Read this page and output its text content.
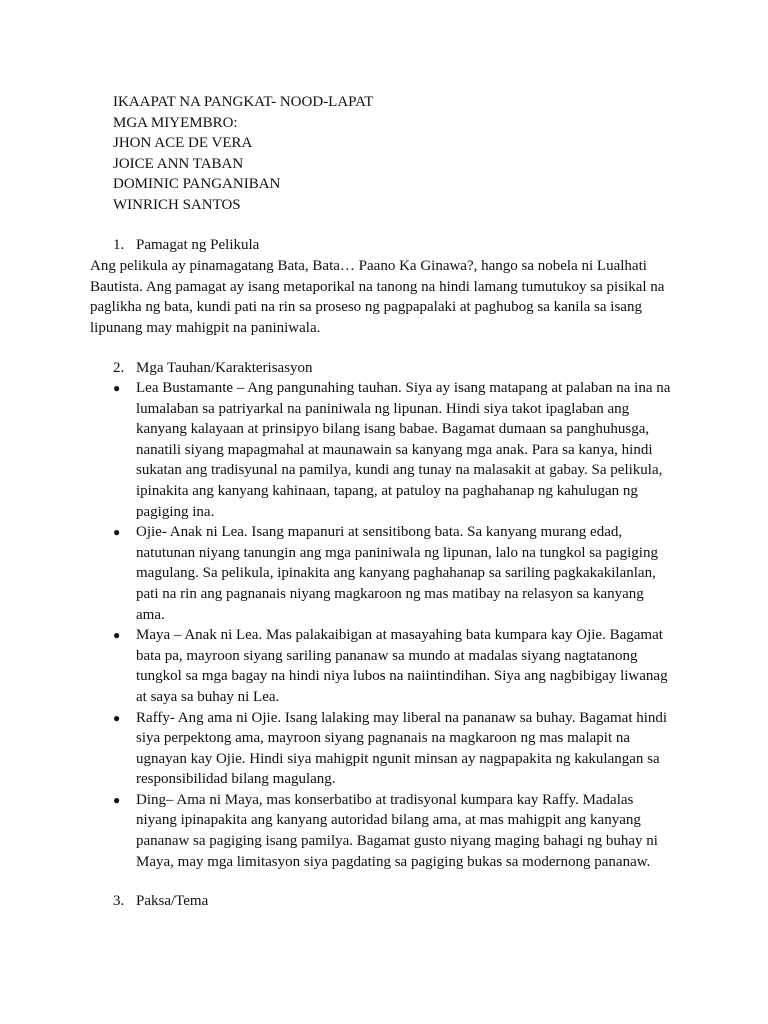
IKAAPAT NA PANGKAT- NOOD-LAPAT
MGA MIYEMBRO:
JHON ACE DE VERA
JOICE ANN TABAN
DOMINIC PANGANIBAN
WINRICH SANTOS
1. Pamagat ng Pelikula
Ang pelikula ay pinamagatang Bata, Bata… Paano Ka Ginawa?, hango sa nobela ni Lualhati
Bautista. Ang pamagat ay isang metaporikal na tanong na hindi lamang tumutukoy sa pisikal na
paglikha ng bata, kundi pati na rin sa proseso ng pagpapalaki at paghubog sa kanila sa isang
lipunang may mahigpit na paniniwala.
2. Mga Tauhan/Karakterisasyon
●	Lea Bustamante – Ang pangunahing tauhan. Siya ay isang matapang at palaban na ina na
lumalaban sa patriyarkal na paniniwala ng lipunan. Hindi siya takot ipaglaban ang
kanyang kalayaan at prinsipyo bilang isang babae. Bagamat dumaan sa panghuhusga,
nanatili siyang mapagmahal at maunawain sa kanyang mga anak. Para sa kanya, hindi
sukatan ang tradisyunal na pamilya, kundi ang tunay na malasakit at gabay. Sa pelikula,
ipinakita ang kanyang kahinaan, tapang, at patuloy na paghahanap ng kahulugan ng
pagiging ina.
●	Ojie- Anak ni Lea. Isang mapanuri at sensitibong bata. Sa kanyang murang edad,
natutunan niyang tanungin ang mga paniniwala ng lipunan, lalo na tungkol sa pagiging
magulang. Sa pelikula, ipinakita ang kanyang paghahanap sa sariling pagkakakilanlan,
pati na rin ang pagnanais niyang magkaroon ng mas matibay na relasyon sa kanyang
ama.
●	Maya – Anak ni Lea. Mas palakaibigan at masayahing bata kumpara kay Ojie. Bagamat
bata pa, mayroon siyang sariling pananaw sa mundo at madalas siyang nagtatanong
tungkol sa mga bagay na hindi niya lubos na naiintindihan. Siya ang nagbibigay liwanag
at saya sa buhay ni Lea.
●	Raffy- Ang ama ni Ojie. Isang lalaking may liberal na pananaw sa buhay. Bagamat hindi
siya perpektong ama, mayroon siyang pagnanais na magkaroon ng mas malapit na
ugnayan kay Ojie. Hindi siya mahigpit ngunit minsan ay nagpapakita ng kakulangan sa
responsibilidad bilang magulang.
●	Ding– Ama ni Maya, mas konserbatibo at tradisyonal kumpara kay Raffy. Madalas
niyang ipinapakita ang kanyang autoridad bilang ama, at mas mahigpit ang kanyang
pananaw sa pagiging isang pamilya. Bagamat gusto niyang maging bahagi ng buhay ni
Maya, may mga limitasyon siya pagdating sa pagiging bukas sa modernong pananaw.
3. Paksa/Tema
